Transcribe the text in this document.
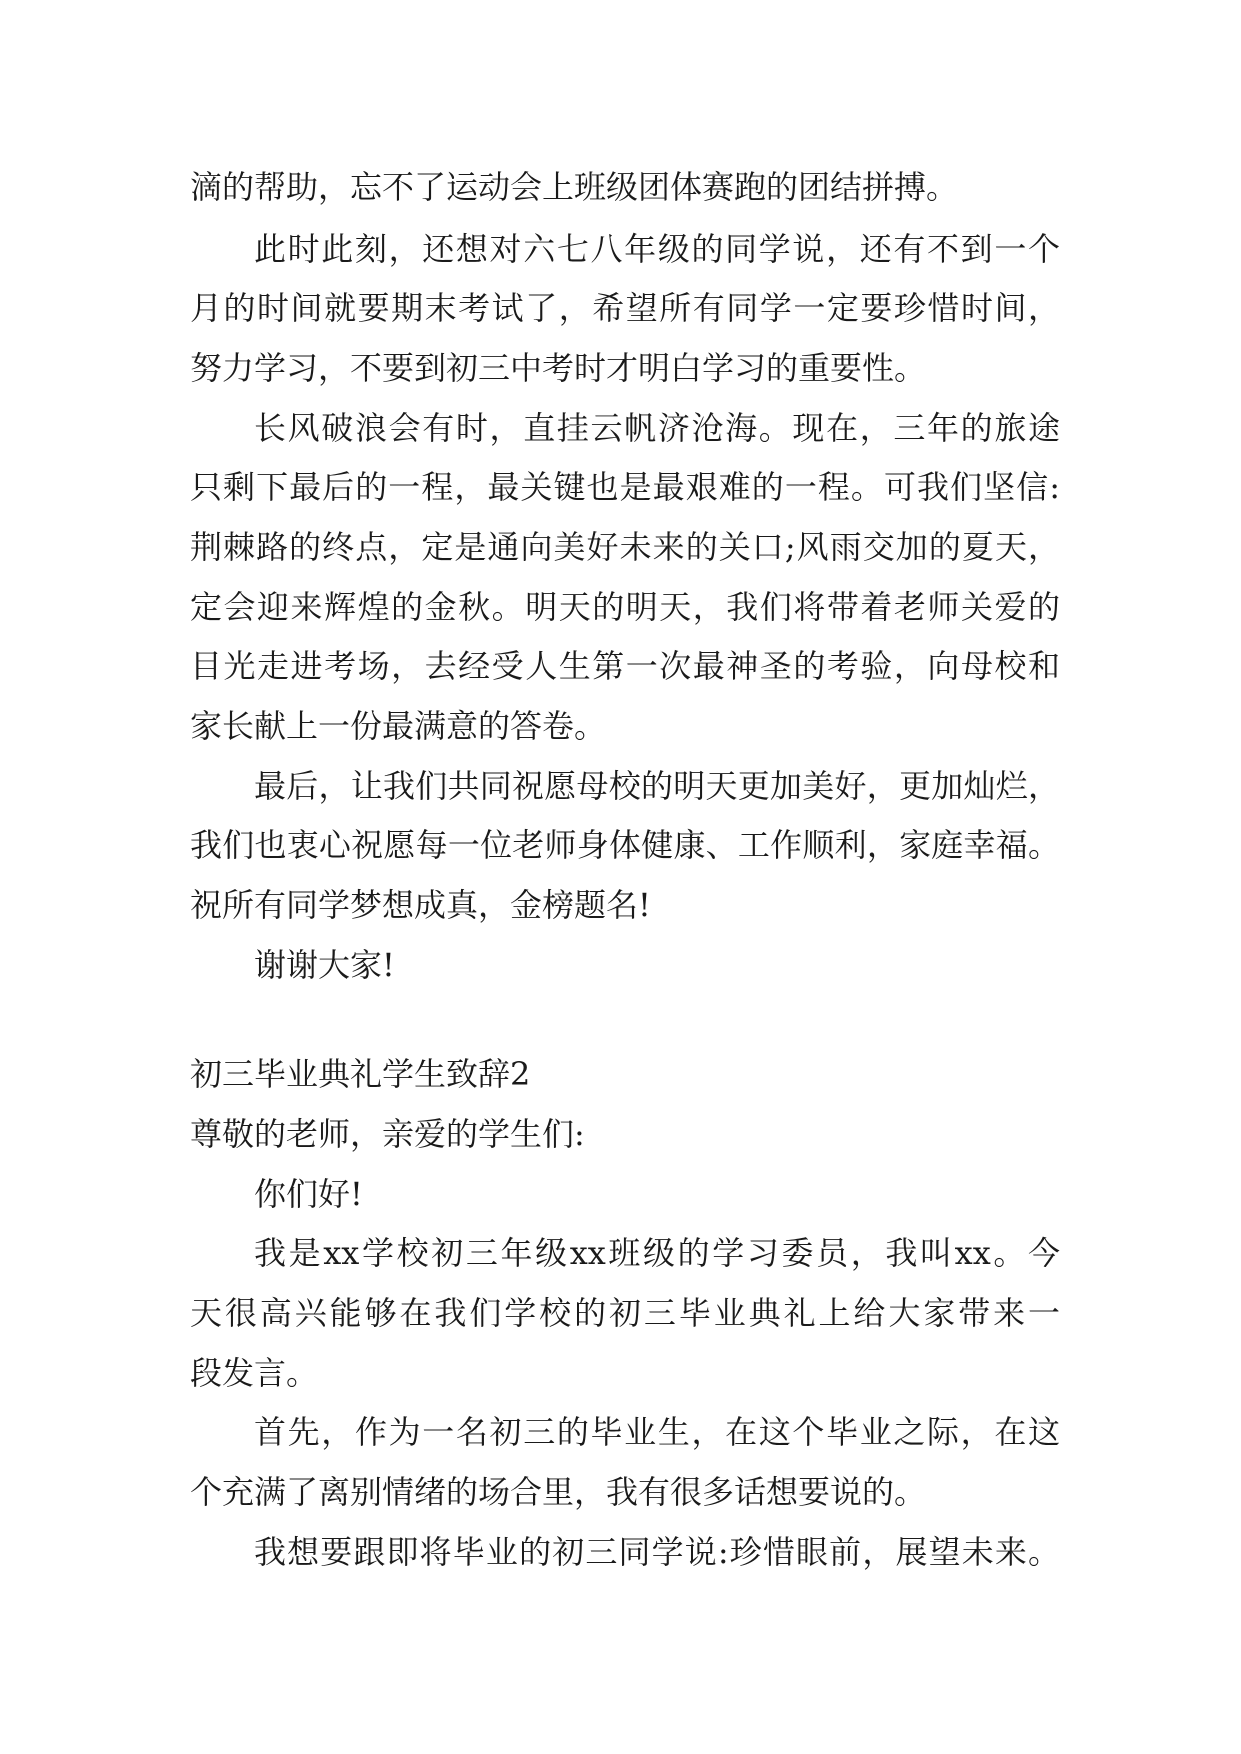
滴的帮助，忘不了运动会上班级团体赛跑的团结拼搏。
此时此刻，还想对六七八年级的同学说，还有不到一个
月的时间就要期末考试了，希望所有同学一定要珍惜时间，
努力学习，不要到初三中考时才明白学习的重要性。
长风破浪会有时，直挂云帆济沧海。现在，三年的旅途
只剩下最后的一程，最关键也是最艰难的一程。可我们坚信:
荆棘路的终点，定是通向美好未来的关口;风雨交加的夏天，
定会迎来辉煌的金秋。明天的明天，我们将带着老师关爱的
目光走进考场，去经受人生第一次最神圣的考验，向母校和
家长献上一份最满意的答卷。
最后，让我们共同祝愿母校的明天更加美好，更加灿烂，
我们也衷心祝愿每一位老师身体健康、工作顺利，家庭幸福。
祝所有同学梦想成真，金榜题名!
谢谢大家!
初三毕业典礼学生致辞2
尊敬的老师，亲爱的学生们:
你们好!
我是xx学校初三年级xx班级的学习委员，我叫xx。今
天很高兴能够在我们学校的初三毕业典礼上给大家带来一
段发言。
首先，作为一名初三的毕业生，在这个毕业之际，在这
个充满了离别情绪的场合里，我有很多话想要说的。
我想要跟即将毕业的初三同学说:珍惜眼前，展望未来。
